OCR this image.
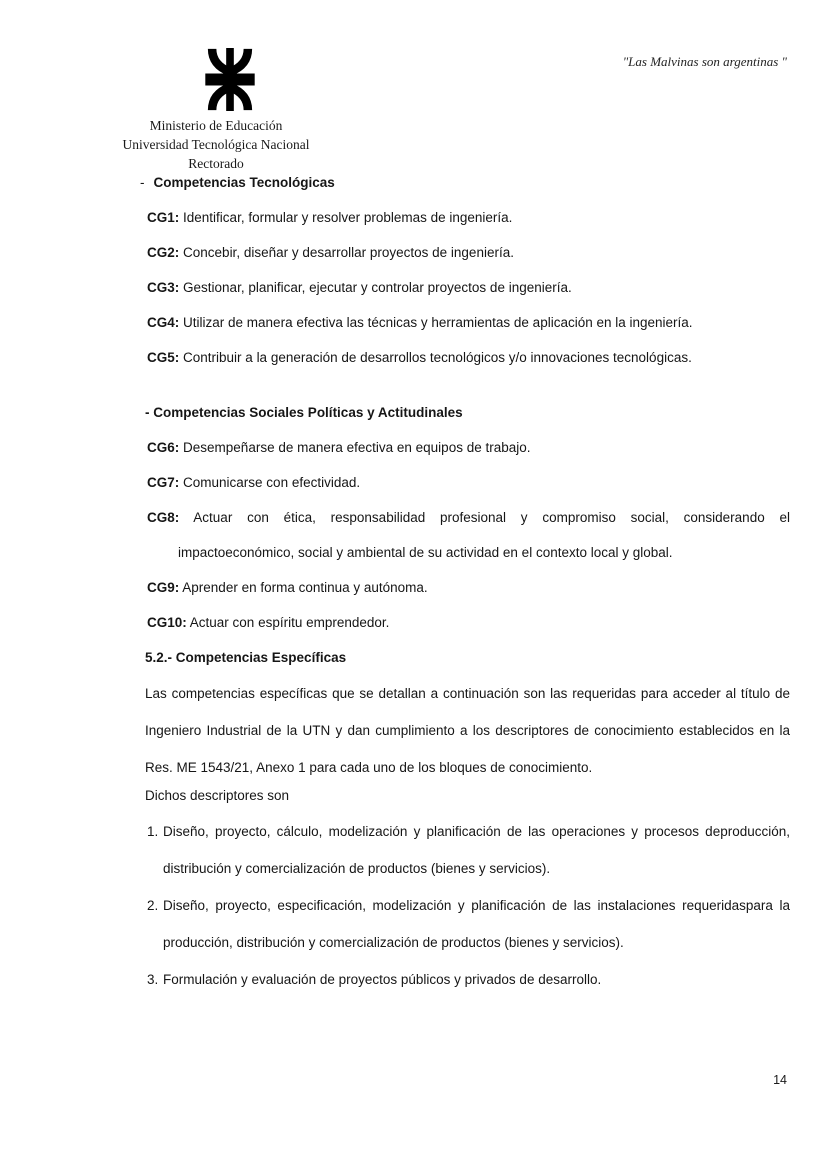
"Las Malvinas son argentinas "
Ministerio de Educación
Universidad Tecnológica Nacional
Rectorado
- Competencias Tecnológicas
CG1: Identificar, formular y resolver problemas de ingeniería.
CG2: Concebir, diseñar y desarrollar proyectos de ingeniería.
CG3: Gestionar, planificar, ejecutar y controlar proyectos de ingeniería.
CG4: Utilizar de manera efectiva las técnicas y herramientas de aplicación en la ingeniería.
CG5: Contribuir a la generación de desarrollos tecnológicos y/o innovaciones tecnológicas.
- Competencias Sociales Políticas y Actitudinales
CG6: Desempeñarse de manera efectiva en equipos de trabajo.
CG7: Comunicarse con efectividad.
CG8: Actuar con ética, responsabilidad profesional y compromiso social, considerando el impactoeconómico, social y ambiental de su actividad en el contexto local y global.
CG9: Aprender en forma continua y autónoma.
CG10: Actuar con espíritu emprendedor.
5.2.- Competencias Específicas
Las competencias específicas que se detallan a continuación son las requeridas para acceder al título de Ingeniero Industrial de la UTN y dan cumplimiento a los descriptores de conocimiento establecidos en la Res. ME 1543/21, Anexo 1 para cada uno de los bloques de conocimiento.
Dichos descriptores son
1. Diseño, proyecto, cálculo, modelización y planificación de las operaciones y procesos deproducción, distribución y comercialización de productos (bienes y servicios).
2. Diseño, proyecto, especificación, modelización y planificación de las instalaciones requeridaspara la producción, distribución y comercialización de productos (bienes y servicios).
3. Formulación y evaluación de proyectos públicos y privados de desarrollo.
14
